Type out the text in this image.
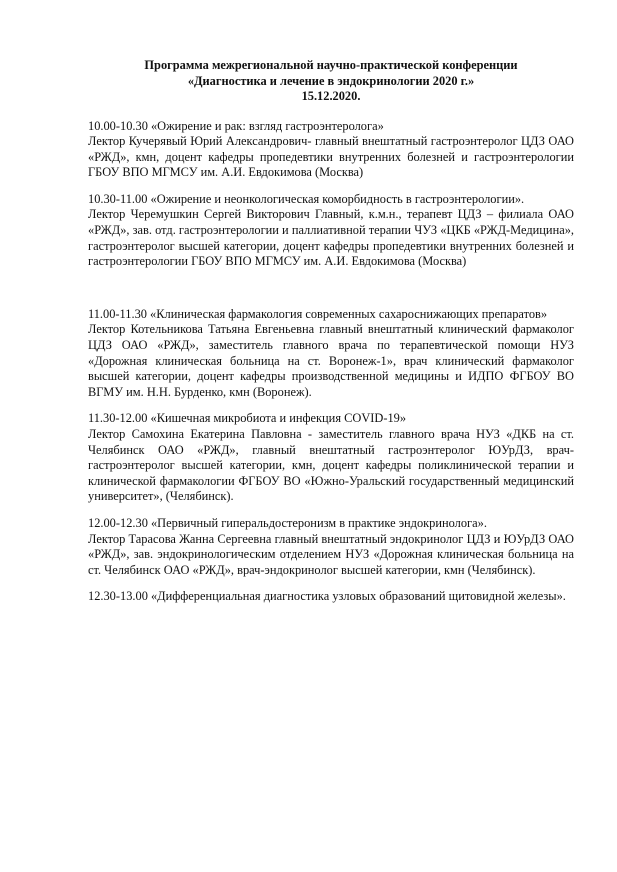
Программа межрегиональной научно-практической конференции
«Диагностика и лечение в эндокринологии 2020 г.»
15.12.2020.

10.00-10.30 «Ожирение и рак: взгляд гастроэнтеролога»

Лектор Кучерявый Юрий Александрович- главный внештатный гастроэнтеролог ЦДЗ ОАО «РЖД», кмн, доцент кафедры пропедевтики внутренних болезней и гастроэнтерологии ГБОУ ВПО МГМСУ им. А.И. Евдокимова (Москва)

10.30-11.00 «Ожирение и неонкологическая коморбидность в гастроэнтерологии».

Лектор Черемушкин Сергей Викторович Главный, к.м.н., терапевт ЦДЗ – филиала ОАО «РЖД», зав. отд. гастроэнтерологии и паллиативной терапии ЧУЗ «ЦКБ «РЖД-Медицина», гастроэнтеролог высшей категории, доцент кафедры пропедевтики внутренних болезней и гастроэнтерологии ГБОУ ВПО МГМСУ им. А.И. Евдокимова (Москва)

11.00-11.30 «Клиническая фармакология современных сахароснижающих препаратов»

Лектор Котельникова Татьяна Евгеньевна главный внештатный клинический фармаколог ЦДЗ ОАО «РЖД», заместитель главного врача по терапевтической помощи НУЗ «Дорожная клиническая больница на ст. Воронеж-1», врач клинический фармаколог высшей категории, доцент кафедры производственной медицины и ИДПО ФГБОУ ВО ВГМУ им. Н.Н. Бурденко, кмн (Воронеж).

11.30-12.00 «Кишечная микробиота и инфекция COVID-19»

Лектор Самохина Екатерина Павловна - заместитель главного врача НУЗ «ДКБ на ст. Челябинск ОАО «РЖД», главный внештатный гастроэнтеролог ЮУрДЗ, врач-гастроэнтеролог высшей категории, кмн, доцент кафедры поликлинической терапии и клинической фармакологии ФГБОУ ВО «Южно-Уральский государственный медицинский университет», (Челябинск).

12.00-12.30 «Первичный гиперальдостеронизм в практике эндокринолога».

Лектор Тарасова Жанна Сергеевна главный внештатный эндокринолог ЦДЗ и ЮУрДЗ ОАО «РЖД», зав. эндокринологическим отделением НУЗ «Дорожная клиническая больница на ст. Челябинск ОАО «РЖД», врач-эндокринолог высшей категории, кмн (Челябинск).

12.30-13.00 «Дифференциальная диагностика узловых образований щитовидной железы».
